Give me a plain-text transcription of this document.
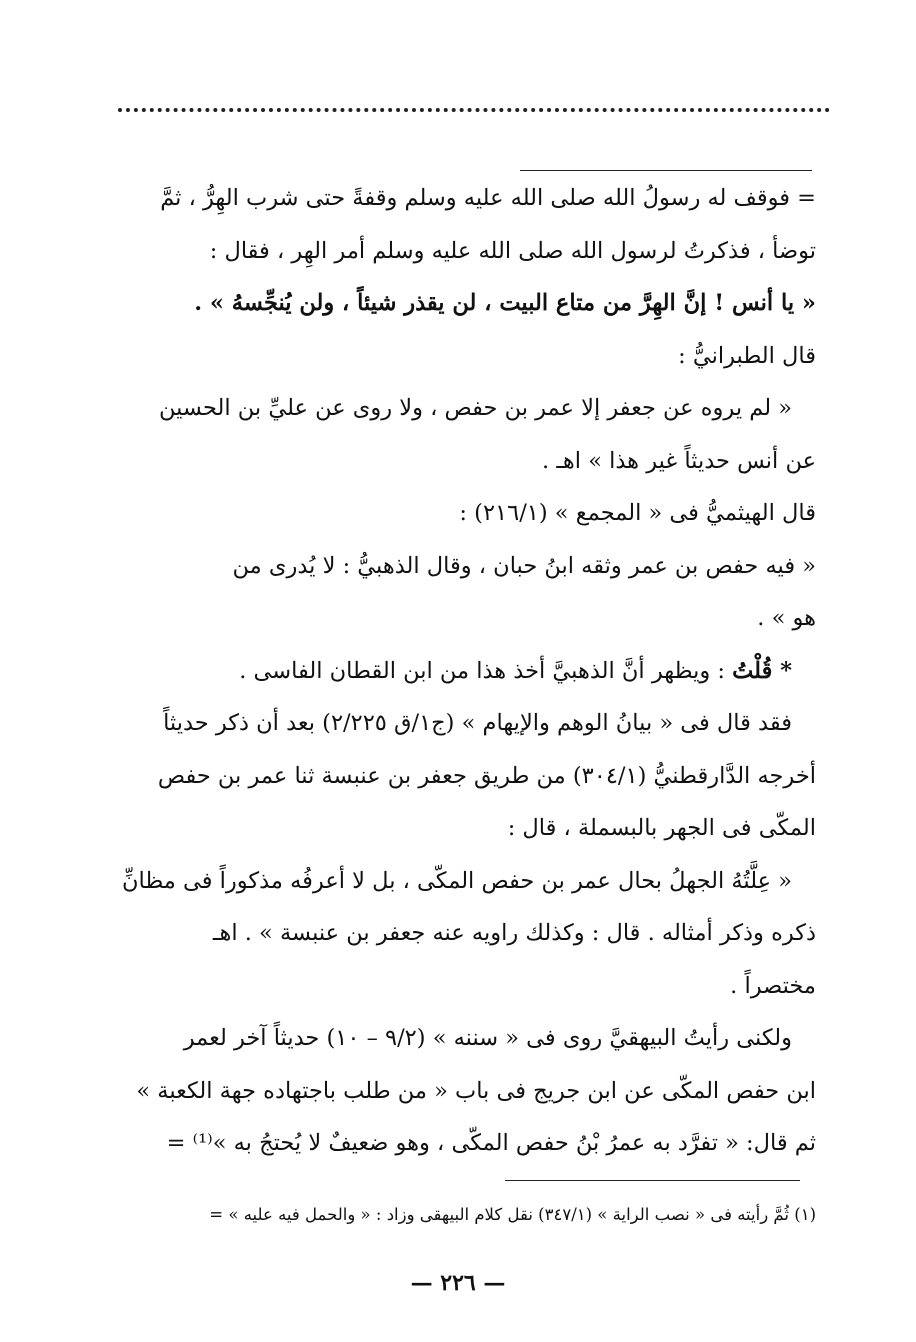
= فوقف له رسولُ الله صلى الله عليه وسلم وقفةً حتى شرب الهِرُّ ، ثمَّ

توضأ ، فذكرتُ لرسول الله صلى الله عليه وسلم أمر الهِر ، فقال :

« يا أنس ! إنَّ الهِرَّ من متاع البيت ، لن يقذر شيئاً ، ولن يُنجِّسهُ » .

قال الطبرانيُّ :

« لم يروه عن جعفر إلا عمر بن حفص ، ولا روى عن عليِّ بن الحسين

عن أنس حديثاً غير هذا » اهـ .

قال الهيثميُّ فى « المجمع » (٢١٦/١) :

« فيه حفص بن عمر وثقه ابنُ حبان ، وقال الذهبيُّ : لا يُدرى من

هو » .

* قُلْتُ : ويظهر أنَّ الذهبيَّ أخذ هذا من ابن القطان الفاسى .

فقد قال فى « بيانُ الوهم والإيهام » (ج١/ق ٢/٢٢٥) بعد أن ذكر حديثاً

أخرجه الدَّارقطنيُّ (٣٠٤/١) من طريق جعفر بن عنبسة ثنا عمر بن حفص

المكّى فى الجهر بالبسملة ، قال :

« عِلَّتُهُ الجهلُ بحال عمر بن حفص المكّى ، بل لا أعرفُه مذكوراً فى مظانِّ

ذكره وذكر أمثاله . قال : وكذلك راويه عنه جعفر بن عنبسة » . اهـ

مختصراً .

ولكنى رأيتُ البيهقيَّ روى فى « سننه » (٩/٢ – ١٠) حديثاً آخر لعمر

ابن حفص المكّى عن ابن جريج فى باب « من طلب باجتهاده جهة الكعبة »

ثم قال: « تفرَّد به عمرُ بْنُ حفص المكّى ، وهو ضعيفٌ لا يُحتجُ به »⁽¹⁾ =

(١) ثُمَّ رأيته فى « نصب الراية » (٣٤٧/١) نقل كلام البيهقى وزاد : « والحمل فيه عليه » =
— ٢٢٦ —
